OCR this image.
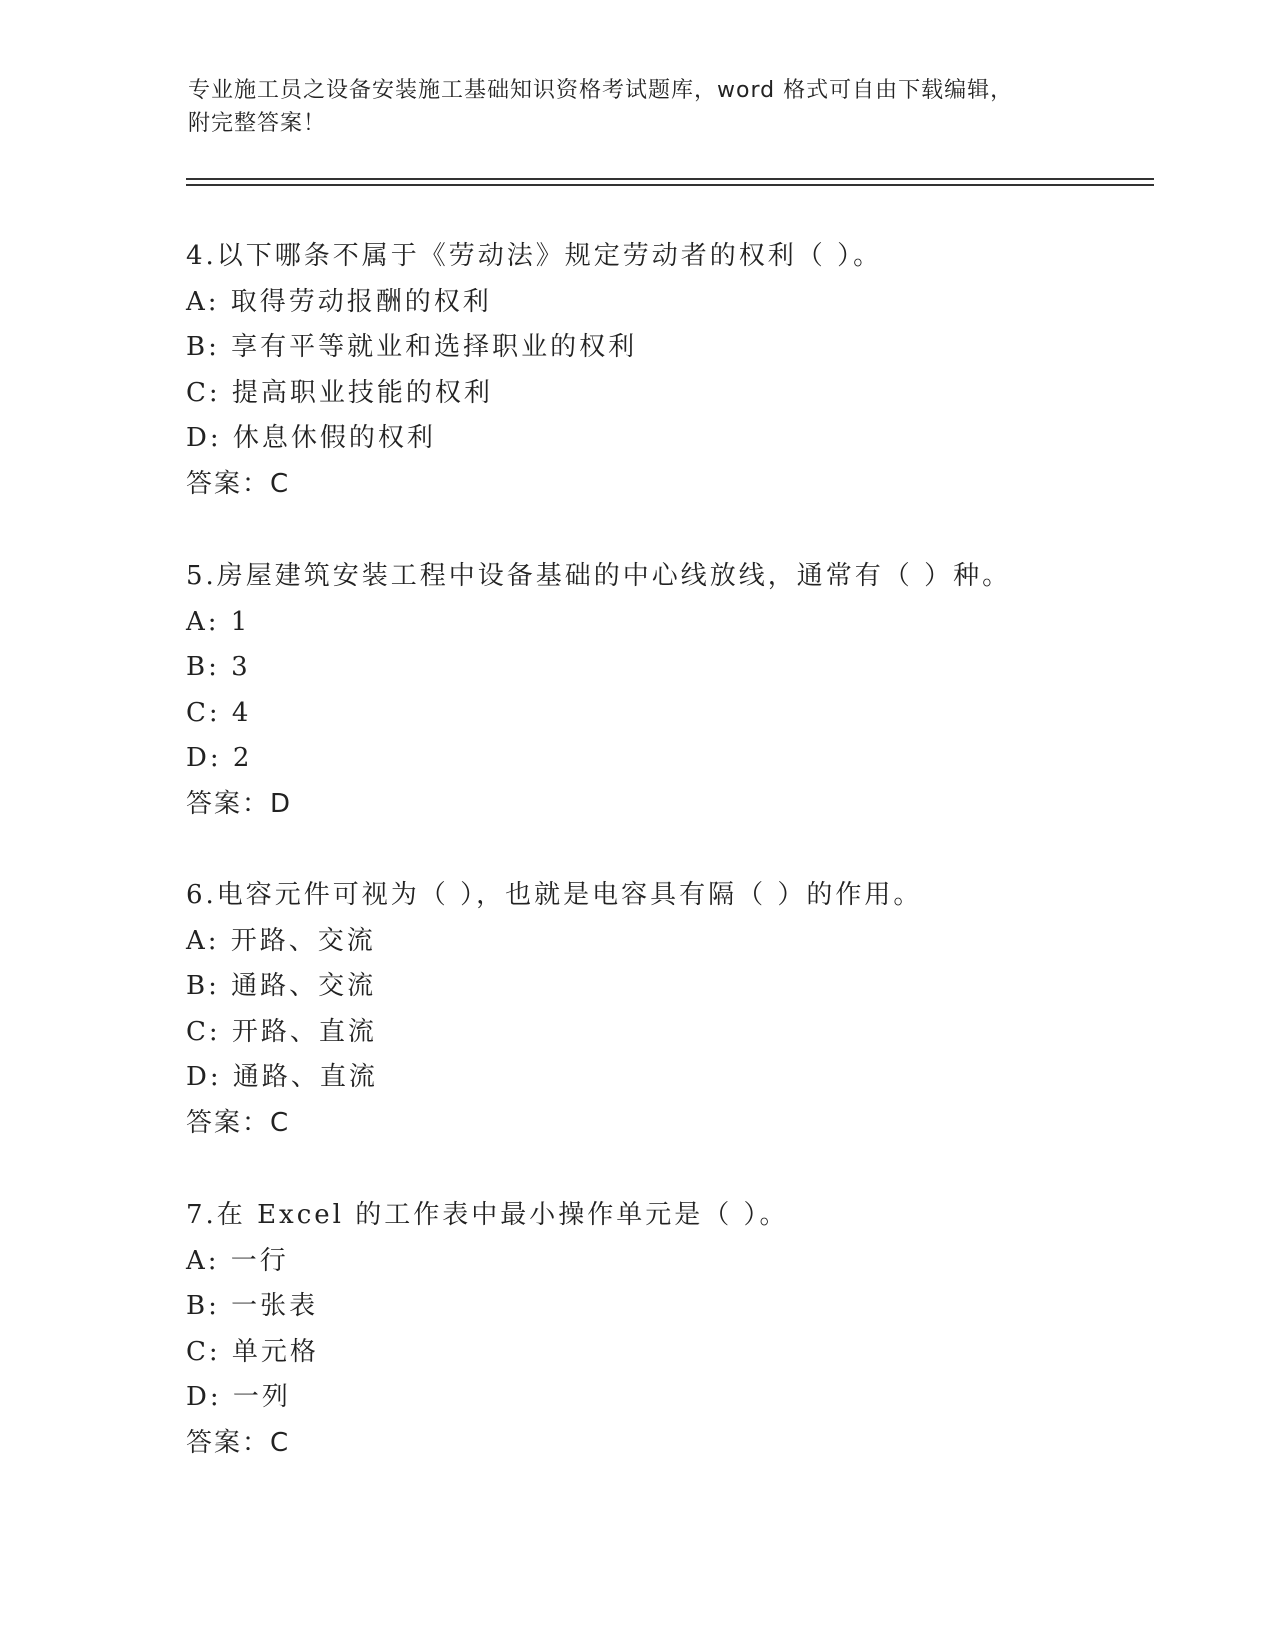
专业施工员之设备安装施工基础知识资格考试题库，word 格式可自由下载编辑，
附完整答案！
4.以下哪条不属于《劳动法》规定劳动者的权利（ ）。
A: 取得劳动报酬的权利
B: 享有平等就业和选择职业的权利
C: 提高职业技能的权利
D: 休息休假的权利
答案：C
5.房屋建筑安装工程中设备基础的中心线放线，通常有（ ）种。
A: 1
B: 3
C: 4
D: 2
答案：D
6.电容元件可视为（ ），也就是电容具有隔（ ）的作用。
A: 开路、交流
B: 通路、交流
C: 开路、直流
D: 通路、直流
答案：C
7.在 Excel 的工作表中最小操作单元是（ ）。
A: 一行
B: 一张表
C: 单元格
D: 一列
答案：C
